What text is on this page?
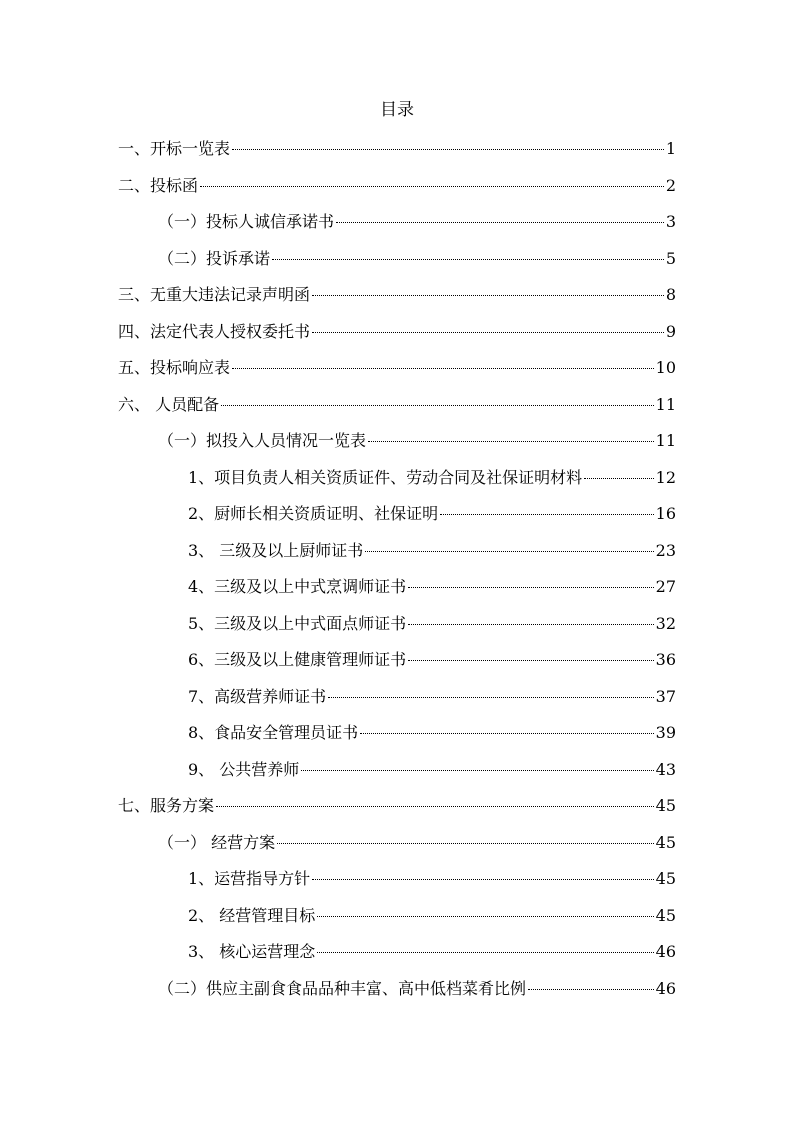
目录
一、开标一览表	1
二、投标函	2
（一）投标人诚信承诺书	3
（二）投诉承诺	5
三、无重大违法记录声明函	8
四、法定代表人授权委托书	9
五、投标响应表	10
六、 人员配备	11
（一）拟投入人员情况一览表	11
1、项目负责人相关资质证件、劳动合同及社保证明材料	12
2、厨师长相关资质证明、社保证明	16
3、 三级及以上厨师证书	23
4、三级及以上中式烹调师证书	27
5、三级及以上中式面点师证书	32
6、三级及以上健康管理师证书	36
7、高级营养师证书	37
8、食品安全管理员证书	39
9、 公共营养师	43
七、服务方案	45
（一） 经营方案	45
1、运营指导方针	45
2、 经营管理目标	45
3、 核心运营理念	46
（二）供应主副食食品品种丰富、高中低档菜肴比例	46
